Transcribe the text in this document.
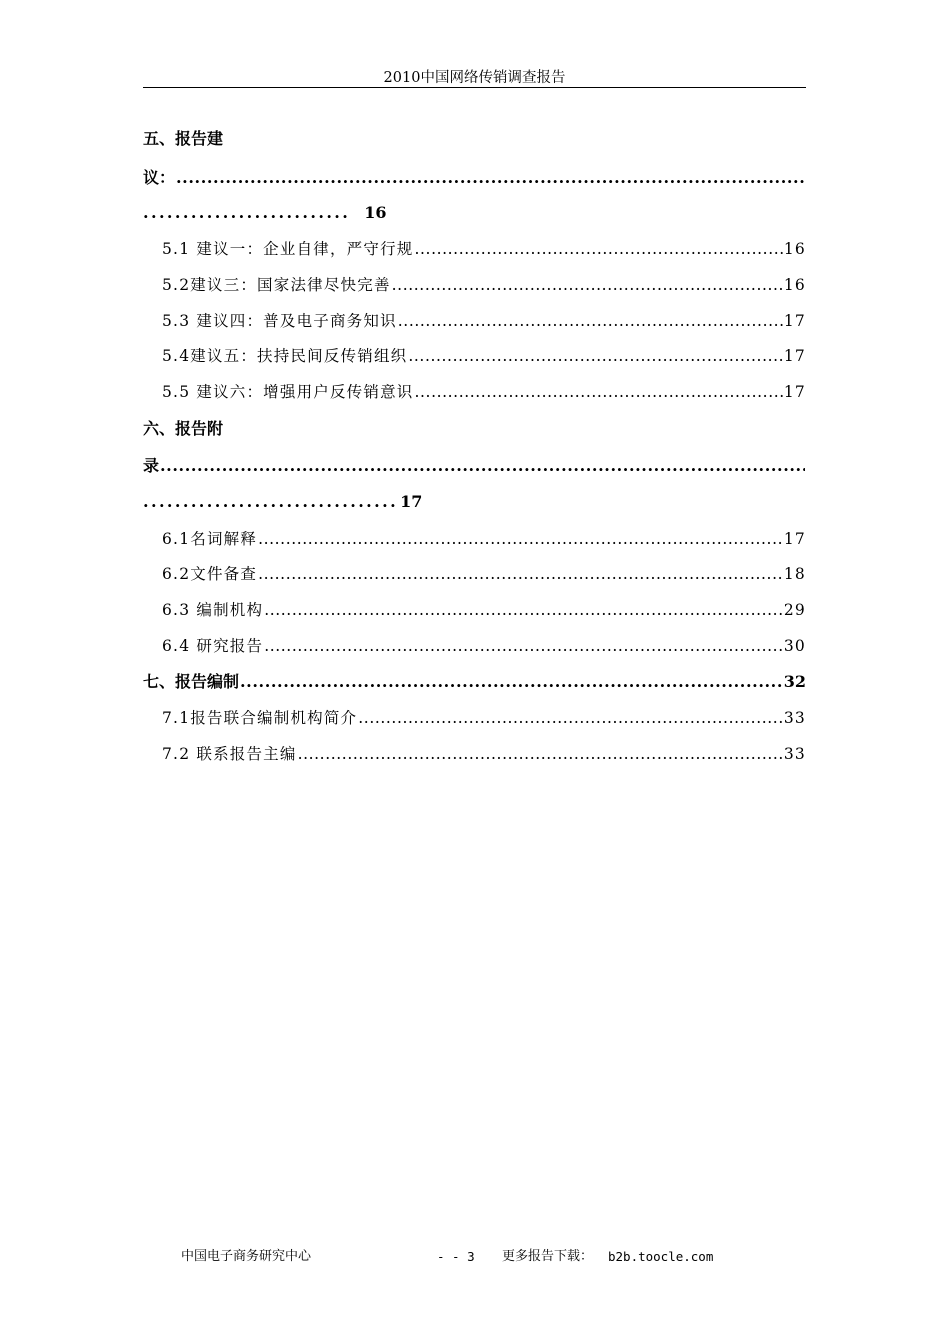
2010中国网络传销调查报告
五、报告建
议：
.....
.......................... 16
5.1 建议一：企业自律，严守行规 .....	16
5.2建议三：国家法律尽快完善 .....	16
5.3 建议四：普及电子商务知识 .....	17
5.4建议五：扶持民间反传销组织 .....	17
5.5 建议六：增强用户反传销意识 .....	17
六、报告附
录
.....
................................ 17
6.1名词解释 .....	17
6.2文件备查 .....	18
6.3 编制机构 .....	29
6.4 研究报告 .....	30
七、报告编制 .....	32
7.1报告联合编制机构简介 .....	33
7.2 联系报告主编 .....	33
中国电子商务研究中心	- - 3 更多报告下载： b2b.toocle.com
